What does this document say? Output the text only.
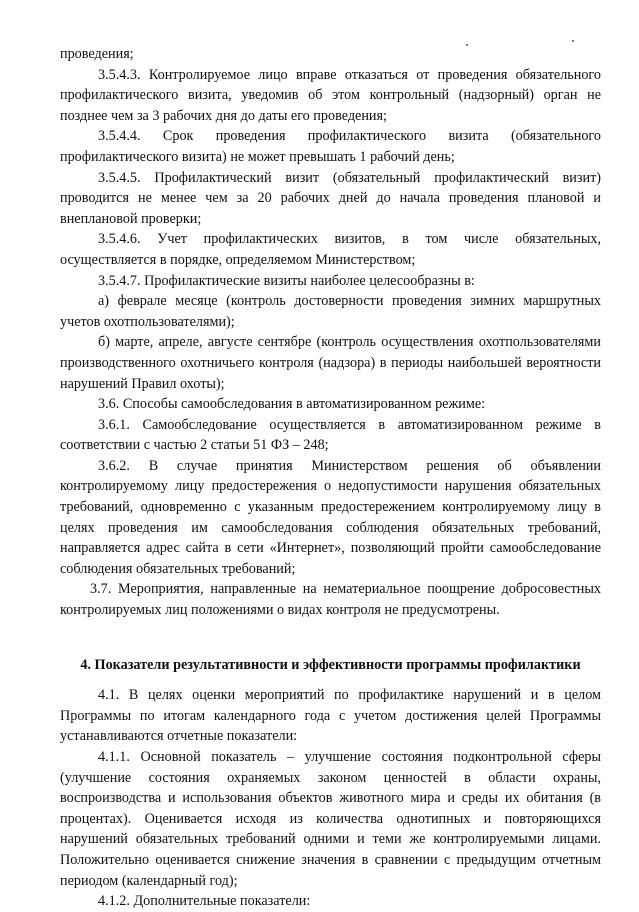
проведения;

3.5.4.3. Контролируемое лицо вправе отказаться от проведения обязательного профилактического визита, уведомив об этом контрольный (надзорный) орган не позднее чем за 3 рабочих дня до даты его проведения;

3.5.4.4. Срок проведения профилактического визита (обязательного профилактического визита) не может превышать 1 рабочий день;

3.5.4.5. Профилактический визит (обязательный профилактический визит) проводится не менее чем за 20 рабочих дней до начала проведения плановой и внеплановой проверки;

3.5.4.6. Учет профилактических визитов, в том числе обязательных, осуществляется в порядке, определяемом Министерством;

3.5.4.7. Профилактические визиты наиболее целесообразны в:

а) феврале месяце (контроль достоверности проведения зимних маршрутных учетов охотпользователями);

б) марте, апреле, августе сентябре (контроль осуществления охотпользователями производственного охотничьего контроля (надзора) в периоды наибольшей вероятности нарушений Правил охоты);

3.6. Способы самообследования в автоматизированном режиме:

3.6.1. Самообследование осуществляется в автоматизированном режиме в соответствии с частью 2 статьи 51 ФЗ – 248;

3.6.2. В случае принятия Министерством решения об объявлении контролируемому лицу предостережения о недопустимости нарушения обязательных требований, одновременно с указанным предостережением контролируемому лицу в целях проведения им самообследования соблюдения обязательных требований, направляется адрес сайта в сети «Интернет», позволяющий пройти самообследование соблюдения обязательных требований;

3.7. Мероприятия, направленные на нематериальное поощрение добросовестных контролируемых лиц положениями о видах контроля не предусмотрены.

4. Показатели результативности и эффективности программы профилактики

4.1. В целях оценки мероприятий по профилактике нарушений и в целом Программы по итогам календарного года с учетом достижения целей Программы устанавливаются отчетные показатели:

4.1.1. Основной показатель – улучшение состояния подконтрольной сферы (улучшение состояния охраняемых законом ценностей в области охраны, воспроизводства и использования объектов животного мира и среды их обитания (в процентах). Оценивается исходя из количества однотипных и повторяющихся нарушений обязательных требований одними и теми же контролируемыми лицами. Положительно оценивается снижение значения в сравнении с предыдущим отчетным периодом (календарный год);

4.1.2. Дополнительные показатели:
